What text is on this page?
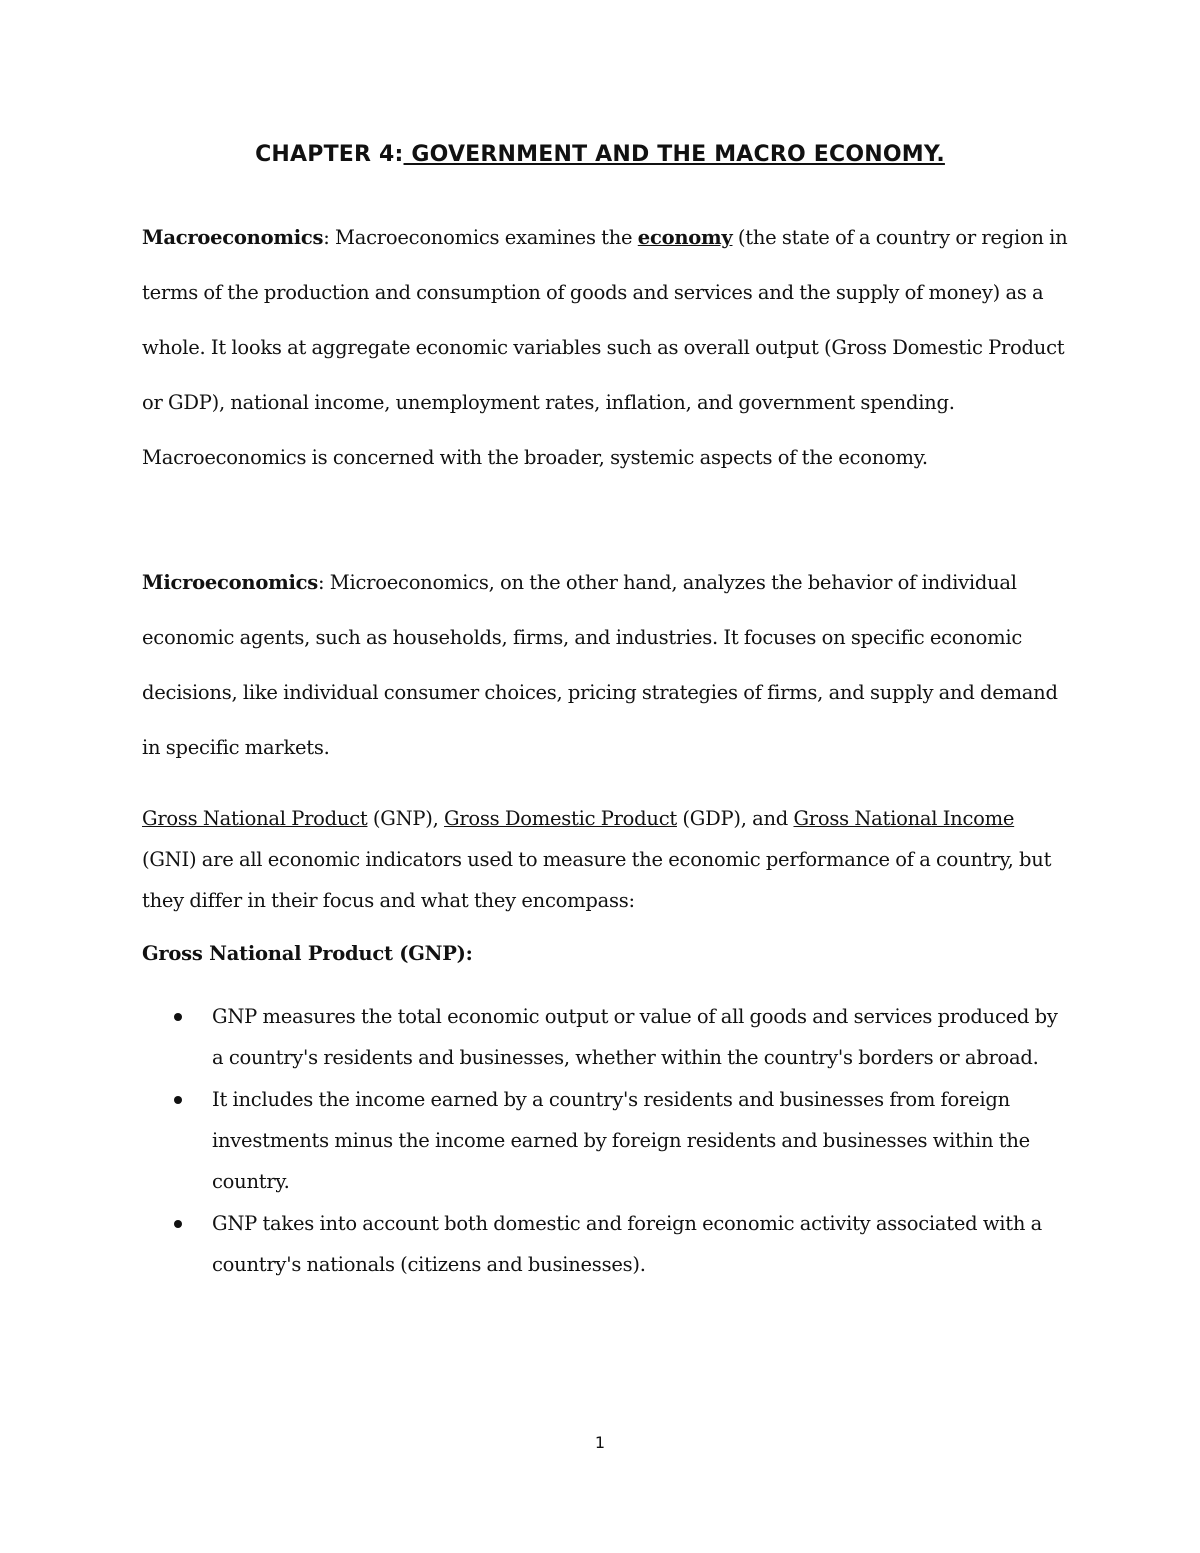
CHAPTER 4: GOVERNMENT AND THE MACRO ECONOMY.

Macroeconomics: Macroeconomics examines the economy (the state of a country or region in terms of the production and consumption of goods and services and the supply of money) as a whole. It looks at aggregate economic variables such as overall output (Gross Domestic Product or GDP), national income, unemployment rates, inflation, and government spending. Macroeconomics is concerned with the broader, systemic aspects of the economy.

Microeconomics: Microeconomics, on the other hand, analyzes the behavior of individual economic agents, such as households, firms, and industries. It focuses on specific economic decisions, like individual consumer choices, pricing strategies of firms, and supply and demand in specific markets.

Gross National Product (GNP), Gross Domestic Product (GDP), and Gross National Income (GNI) are all economic indicators used to measure the economic performance of a country, but they differ in their focus and what they encompass:

Gross National Product (GNP):
GNP measures the total economic output or value of all goods and services produced by a country's residents and businesses, whether within the country's borders or abroad.
It includes the income earned by a country's residents and businesses from foreign investments minus the income earned by foreign residents and businesses within the country.
GNP takes into account both domestic and foreign economic activity associated with a country's nationals (citizens and businesses).
1
